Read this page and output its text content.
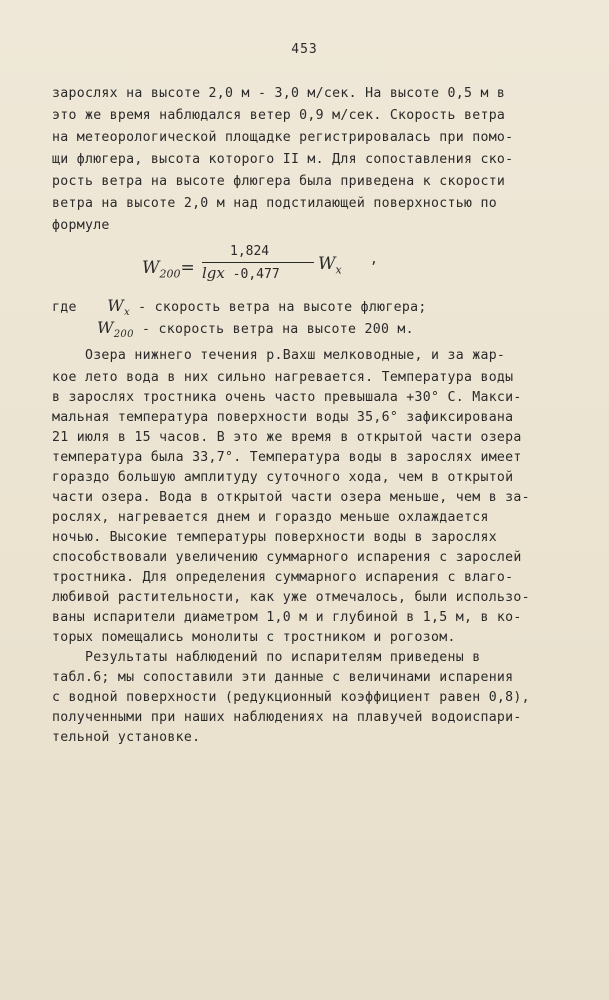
453
зарослях на высоте 2,0 м - 3,0 м/сек. На высоте 0,5 м в
это же время наблюдался ветер 0,9 м/сек. Скорость ветра
на метеорологической площадке регистрировалась при помо-
щи флюгера, высота которого II м. Для сопоставления ско-
рость ветра на высоте флюгера была приведена к скорости
ветра на высоте 2,0 м над подстилающей поверхностью по
формуле
$W_{200}=$
1,824
lgx -0,477
$W_x$
,
где $W_x$ - скорость ветра на высоте флюгера;
$W_{200}$ - скорость ветра на высоте 200 м.
Озера нижнего течения р.Вахш мелководные, и за жар-
кое лето вода в них сильно нагревается. Температура воды
в зарослях тростника очень часто превышала +30° С. Макси-
мальная температура поверхности воды 35,6° зафиксирована
21 июля в 15 часов. В это же время в открытой части озера
температура была 33,7°. Температура воды в зарослях имеет
гораздо большую амплитуду суточного хода, чем в открытой
части озера. Вода в открытой части озера меньше, чем в за-
рослях, нагревается днем и гораздо меньше охлаждается
ночью. Высокие температуры поверхности воды в зарослях
способствовали увеличению суммарного испарения с зарослей
тростника. Для определения суммарного испарения с влаго-
любивой растительности, как уже отмечалось, были использо-
ваны испарители диаметром 1,0 м и глубиной в 1,5 м, в ко-
торых помещались монолиты с тростником и рогозом.
Результаты наблюдений по испарителям приведены в
табл.6; мы сопоставили эти данные с величинами испарения
с водной поверхности (редукционный коэффициент равен 0,8),
полученными при наших наблюдениях на плавучей водоиспари-
тельной установке.
